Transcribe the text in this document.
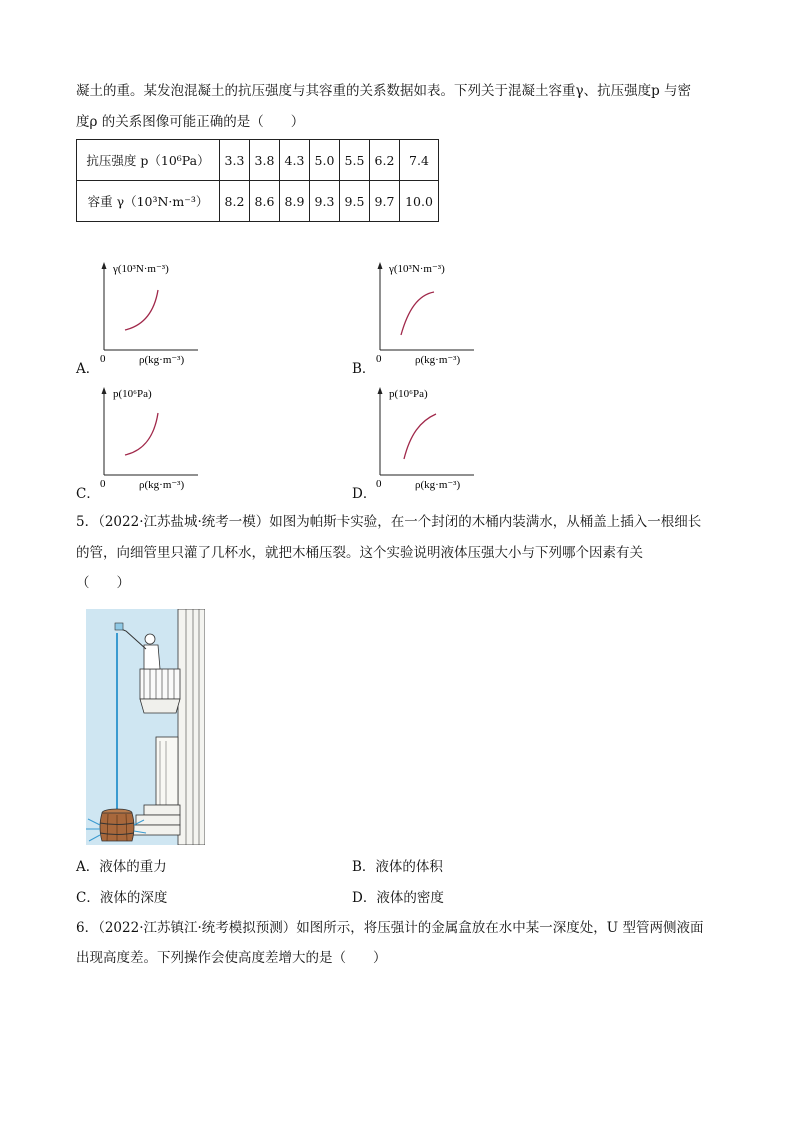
凝土的重。某发泡混凝土的抗压强度与其容重的关系数据如表。下列关于混凝土容重γ、抗压强度p 与密
度ρ 的关系图像可能正确的是（　　）
抗压强度 p（10⁶Pa）	3.3	3.8	4.3	5.0	5.5	6.2	7.4
容重 γ（10³N·m⁻³）	8.2	8.6	8.9	9.3	9.5	9.7	10.0
A．
γ(10³N·m⁻³)
0	ρ(kg·m⁻³)
B．
γ(10³N·m⁻³)
0	ρ(kg·m⁻³)
C．
p(10⁶Pa)
0	ρ(kg·m⁻³)
D．
p(10⁶Pa)
0	ρ(kg·m⁻³)
5．（2022·江苏盐城·统考一模）如图为帕斯卡实验，在一个封闭的木桶内装满水，从桶盖上插入一根细长
的管，向细管里只灌了几杯水，就把木桶压裂。这个实验说明液体压强大小与下列哪个因素有关
（　　）
A．液体的重力	B．液体的体积
C．液体的深度	D．液体的密度
6．（2022·江苏镇江·统考模拟预测）如图所示，将压强计的金属盒放在水中某一深度处，U 型管两侧液面
出现高度差。下列操作会使高度差增大的是（　　）
